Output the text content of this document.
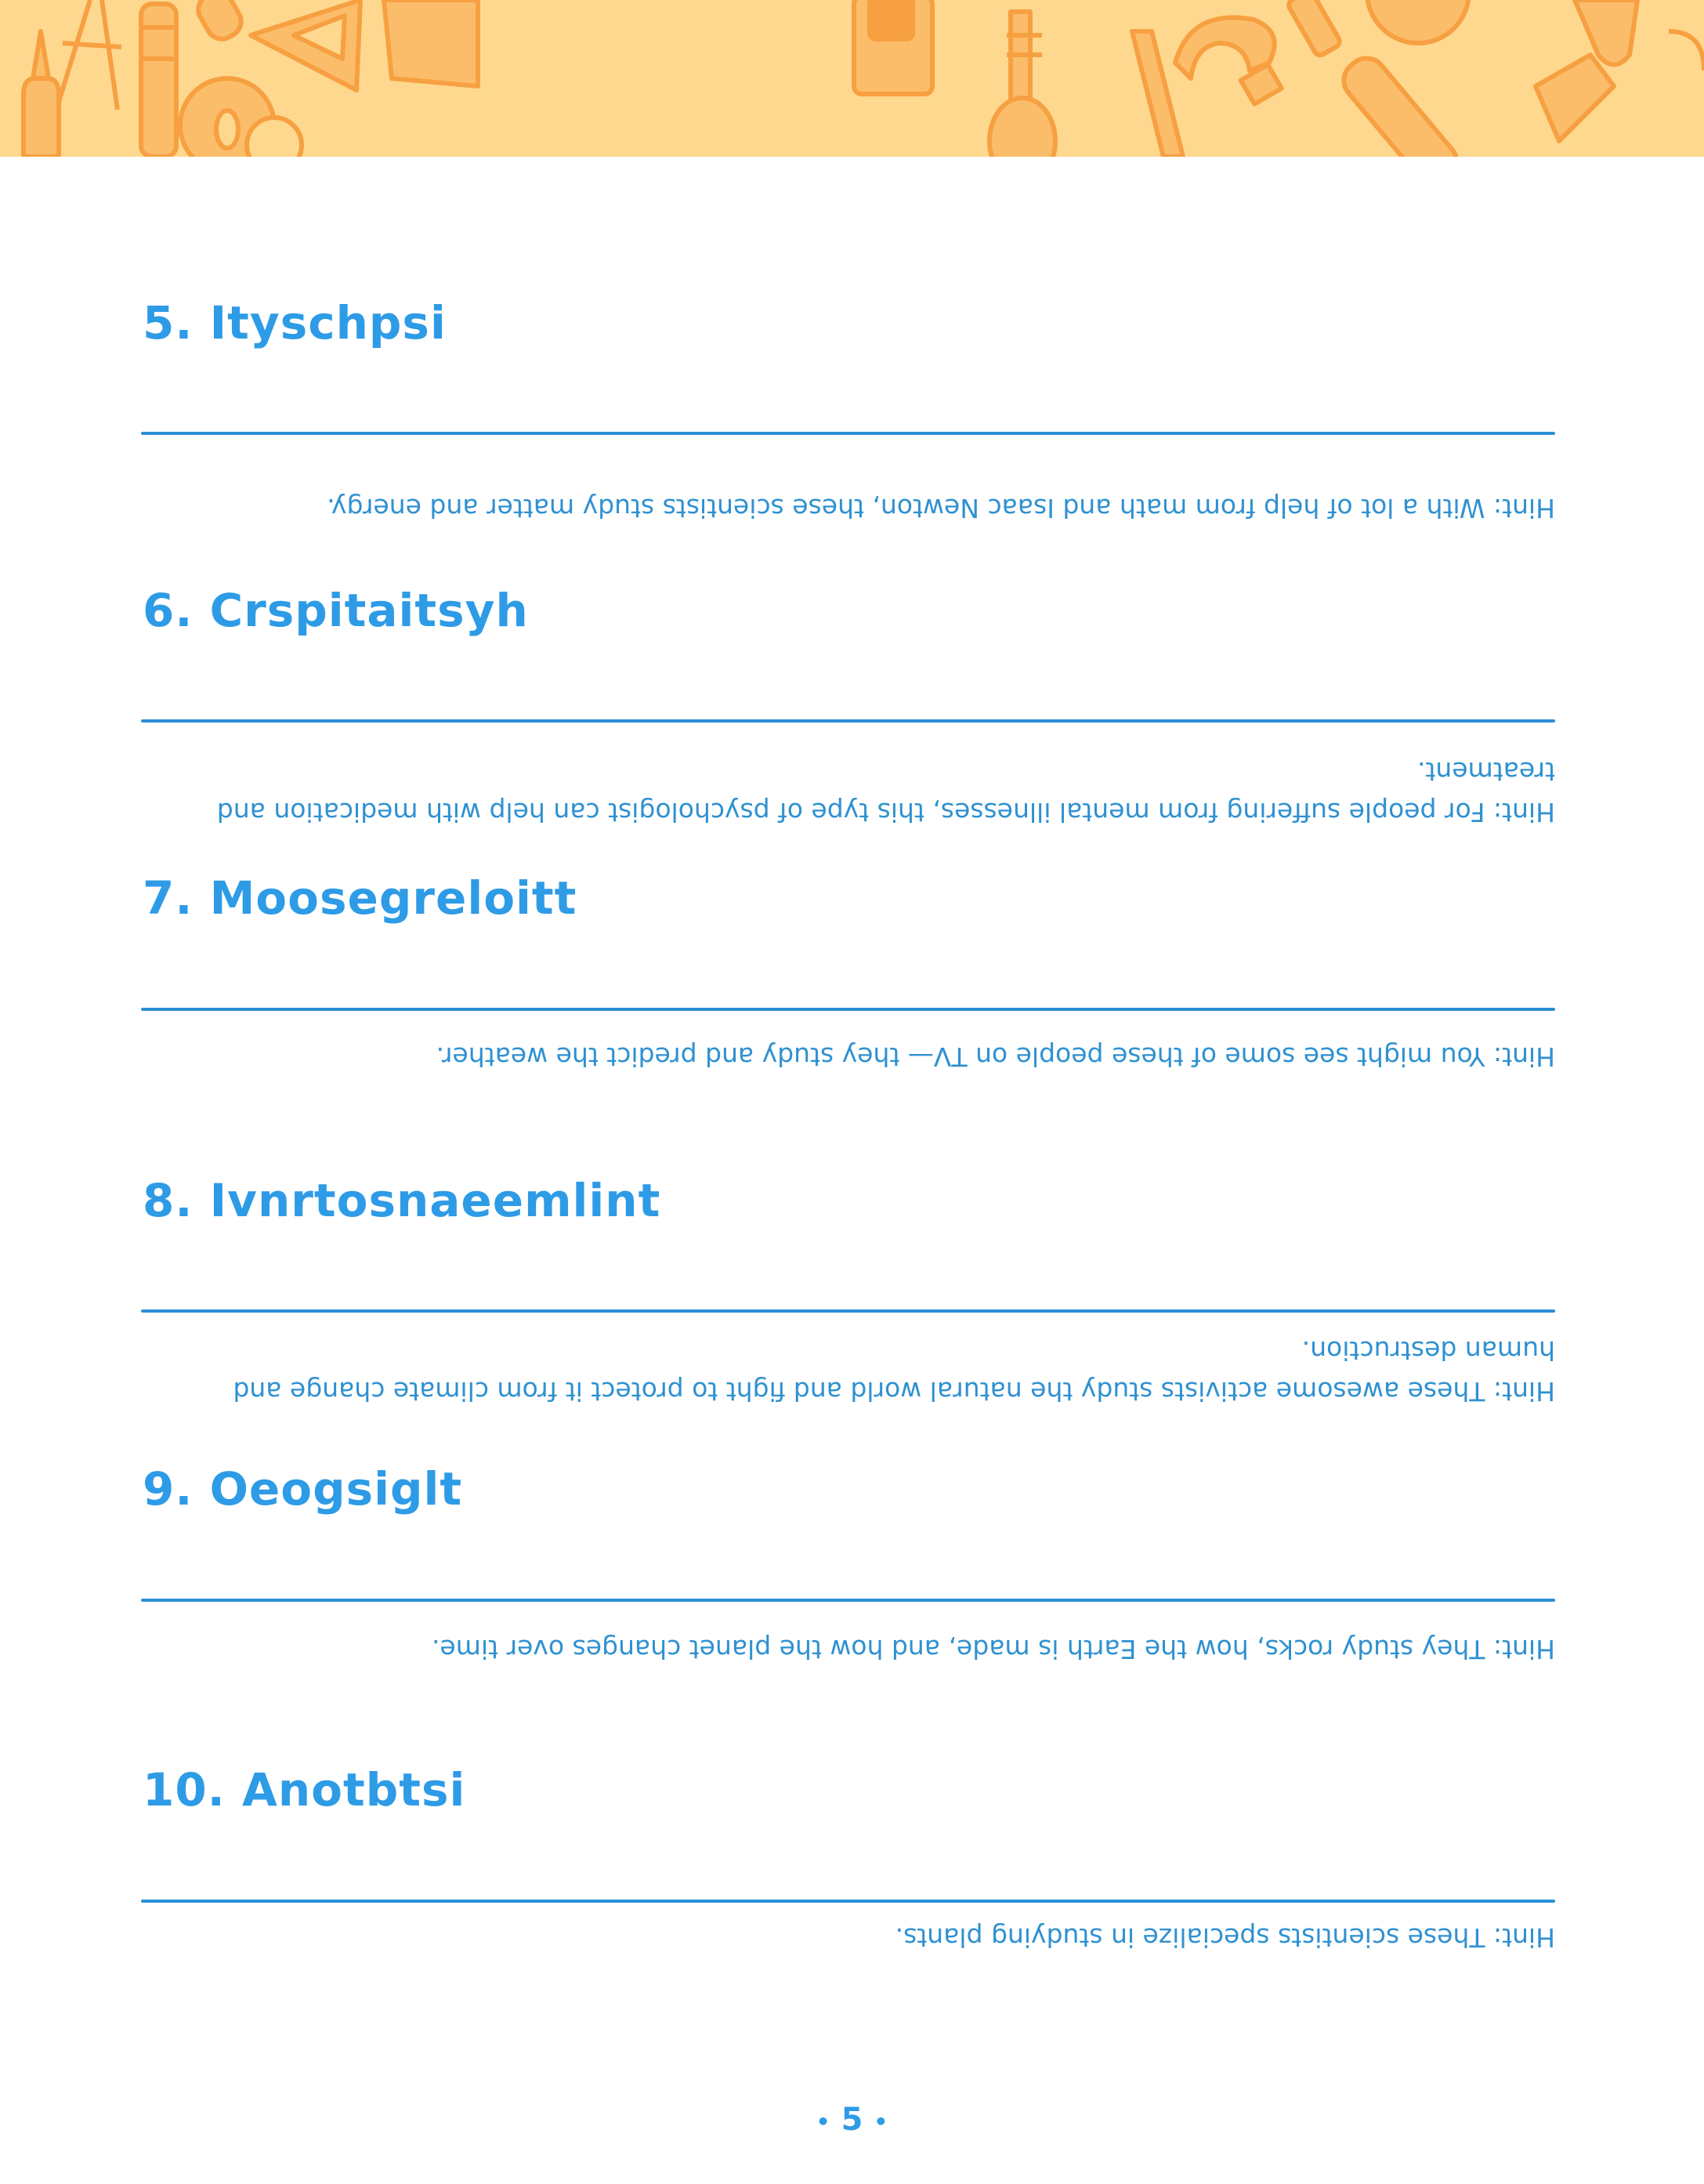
5. Ityschpsi
Hint: With a lot of help from math and Isaac Newton, these scientists study matter and energy.
6. Crspitaitsyh
Hint: For people suffering from mental illnesses, this type of psychologist can help with medication and treatment.
7. Moosegreloitt
Hint: You might see some of these people on TV— they study and predict the weather.
8. Ivnrtosnaeemlint
Hint: These awesome activists study the natural world and fight to protect it from climate change and human destruction.
9. Oeogsiglt
Hint: They study rocks, how the Earth is made, and how the planet changes over time.
10. Anotbtsi
Hint: These scientists specialize in studying plants.
• 5 •
